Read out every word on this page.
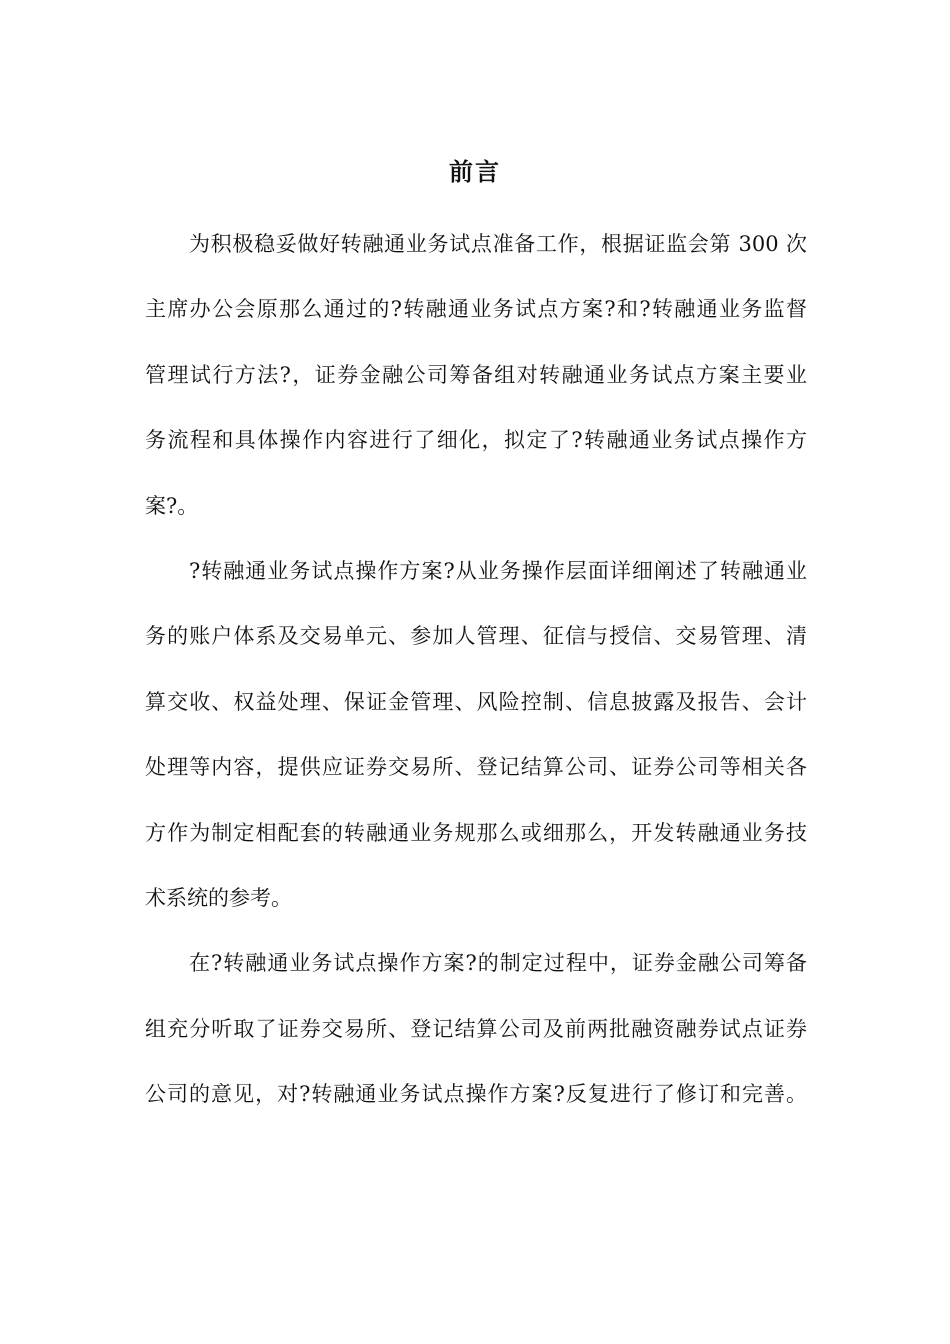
前言
为积极稳妥做好转融通业务试点准备工作，根据证监会第 300 次
主席办公会原那么通过的?转融通业务试点方案?和?转融通业务监督
管理试行方法?，证券金融公司筹备组对转融通业务试点方案主要业
务流程和具体操作内容进行了细化，拟定了?转融通业务试点操作方
案?。
?转融通业务试点操作方案?从业务操作层面详细阐述了转融通业
务的账户体系及交易单元、参加人管理、征信与授信、交易管理、清
算交收、权益处理、保证金管理、风险控制、信息披露及报告、会计
处理等内容，提供应证券交易所、登记结算公司、证券公司等相关各
方作为制定相配套的转融通业务规那么或细那么，开发转融通业务技
术系统的参考。
在?转融通业务试点操作方案?的制定过程中，证券金融公司筹备
组充分听取了证券交易所、登记结算公司及前两批融资融券试点证券
公司的意见，对?转融通业务试点操作方案?反复进行了修订和完善。
